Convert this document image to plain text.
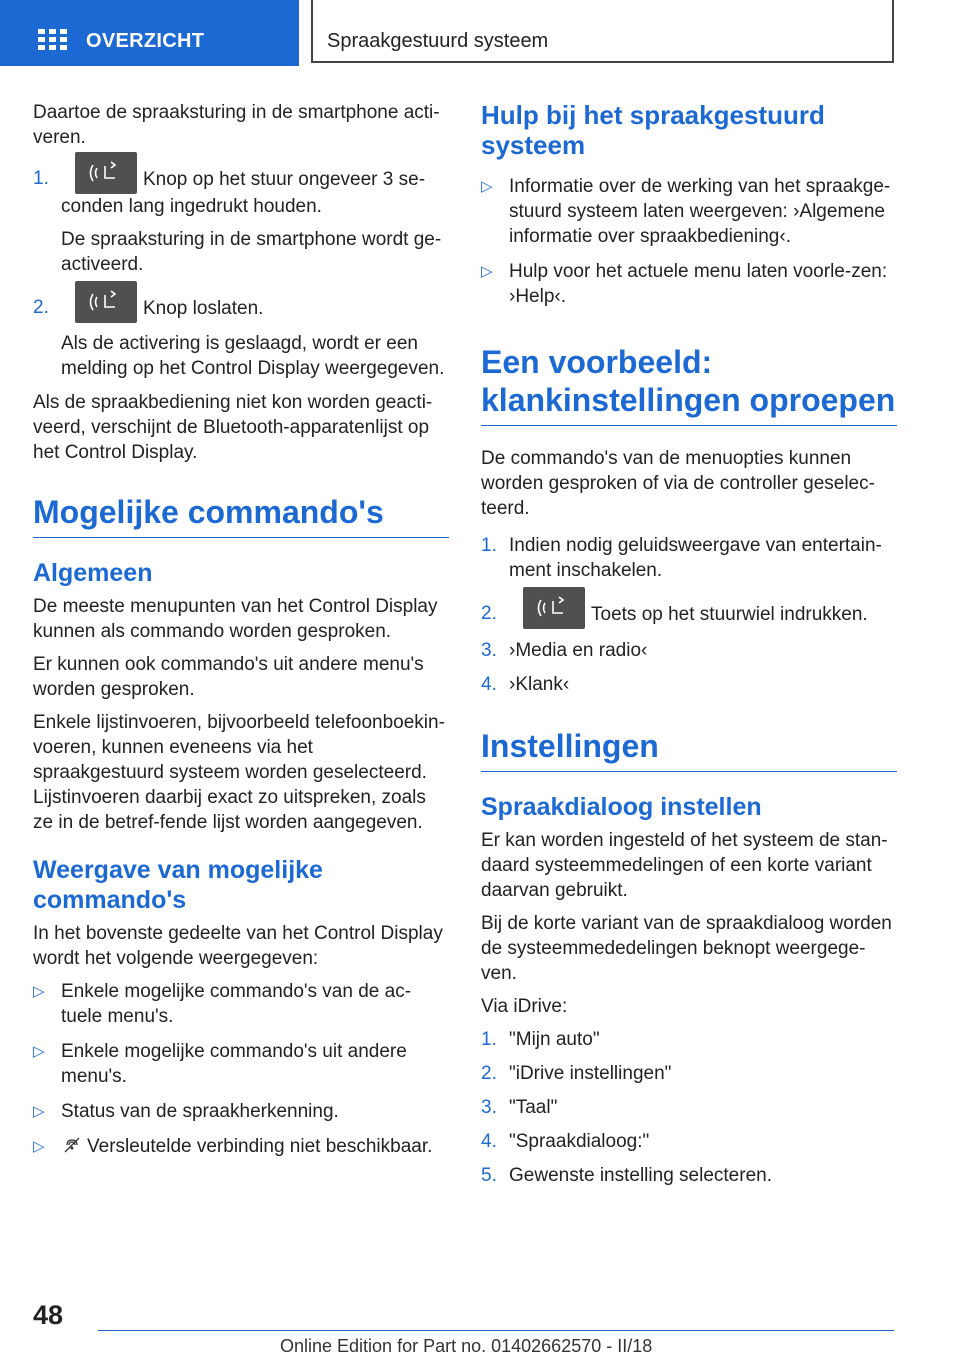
OVERZICHT	Spraakgestuurd systeem

Daartoe de spraaksturing in de smartphone acti-veren.

1.	Knop op het stuur ongeveer 3 se-conden lang ingedrukt houden.

De spraaksturing in de smartphone wordt ge-activeerd.

2.	Knop loslaten.

Als de activering is geslaagd, wordt er een melding op het Control Display weergegeven.

Als de spraakbediening niet kon worden geacti-veerd, verschijnt de Bluetooth-apparatenlijst op het Control Display.

Mogelijke commando's
Algemeen

De meeste menupunten van het Control Display kunnen als commando worden gesproken.

Er kunnen ook commando's uit andere menu's worden gesproken.

Enkele lijstinvoeren, bijvoorbeeld telefoonboekin-voeren, kunnen eveneens via het spraakgestuurd systeem worden geselecteerd. Lijstinvoeren daarbij exact zo uitspreken, zoals ze in de betref-fende lijst worden aangegeven.

Weergave van mogelijke commando's

In het bovenste gedeelte van het Control Display wordt het volgende weergegeven:

▷ Enkele mogelijke commando's van de ac-tuele menu's.
▷ Enkele mogelijke commando's uit andere menu's.
▷ Status van de spraakherkenning.
▷ Versleutelde verbinding niet beschikbaar.
Hulp bij het spraakgestuurd systeem
▷ Informatie over de werking van het spraakge-stuurd systeem laten weergeven: ›Algemene informatie over spraakbediening‹.
▷ Hulp voor het actuele menu laten voorle-zen: ›Help‹.
Een voorbeeld: klankinstellingen oproepen

De commando's van de menuopties kunnen worden gesproken of via de controller geselec-teerd.

1. Indien nodig geluidsweergave van entertain-ment inschakelen.
2.	Toets op het stuurwiel indrukken.
3. ›Media en radio‹
4. ›Klank‹
Instellingen
Spraakdialoog instellen

Er kan worden ingesteld of het systeem de stan-daard systeemmedelingen of een korte variant daarvan gebruikt.

Bij de korte variant van de spraakdialoog worden de systeemmededelingen beknopt weergege-ven.

Via iDrive:

1. "Mijn auto"
2. "iDrive instellingen"
3. "Taal"
4. "Spraakdialoog:"
5. Gewenste instelling selecteren.
48
Online Edition for Part no. 01402662570 - II/18
